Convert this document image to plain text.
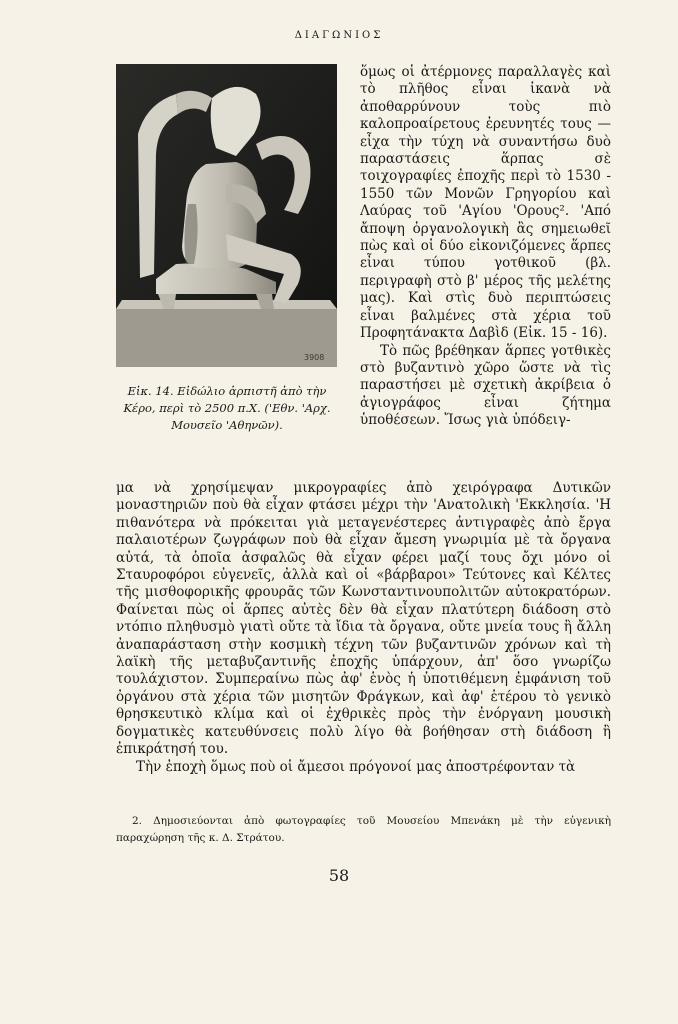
ΔΙΑΓΩΝΙΟΣ
3908
Εἰκ. 14. Εἰδώλιο ἁρπιστῆ ἀπὸ τὴν Κέρο, περὶ τὸ 2500 π.Χ. ('Εθν. 'Αρχ. Μουσεῖο 'Αθηνῶν).

ὅμως οἱ ἀτέρμονες παραλλαγὲς καὶ τὸ πλῆθος εἶναι ἱκανὰ νὰ ἀποθαρρύνουν τοὺς πιὸ καλοπροαίρετους ἐρευνητές τους — εἶχα τὴν τύχη νὰ συναντήσω δυὸ παραστάσεις ἅρπας σὲ τοιχογραφίες ἐποχῆς περὶ τὸ 1530 - 1550 τῶν Μονῶν Γρηγορίου καὶ Λαύρας τοῦ 'Αγίου 'Ορους². 'Από ἄποψη ὀργανολογικὴ ἂς σημειωθεῖ πὼς καὶ οἱ δύο εἰκονιζόμενες ἅρπες εἶναι τύπου γοτθικοῦ (βλ. περιγραφὴ στὸ β' μέρος τῆς μελέτης μας). Καὶ στὶς δυὸ περιπτώσεις εἶναι βαλμένες στὰ χέρια τοῦ Προφητάνακτα Δαβὶδ (Εἰκ. 15 - 16).

Τὸ πῶς βρέθηκαν ἅρπες γοτθικὲς στὸ βυζαντινὸ χῶρο ὥστε νὰ τὶς παραστήσει μὲ σχετικὴ ἀκρίβεια ὁ ἁγιογράφος εἶναι ζήτημα ὑποθέσεων. Ἴσως γιὰ ὑπόδειγ-

μα νὰ χρησίμεψαν μικρογραφίες ἀπὸ χειρόγραφα Δυτικῶν μοναστηριῶν ποὺ θὰ εἶχαν φτάσει μέχρι τὴν 'Ανατολικὴ 'Εκκλησία. 'Η πιθανότερα νὰ πρόκειται γιὰ μεταγενέστερες ἀντιγραφὲς ἀπὸ ἔργα παλαιοτέρων ζωγράφων ποὺ θὰ εἶχαν ἄμεση γνωριμία μὲ τὰ ὄργανα αὐτά, τὰ ὁποῖα ἀσφαλῶς θὰ εἶχαν φέρει μαζί τους ὄχι μόνο οἱ Σταυροφόροι εὐγενεῖς, ἀλλὰ καὶ οἱ «βάρβαροι» Τεύτονες καὶ Κέλτες τῆς μισθοφορικῆς φρουρᾶς τῶν Κωνσταντινουπολιτῶν αὐτοκρατόρων. Φαίνεται πὼς οἱ ἅρπες αὐτὲς δὲν θὰ εἶχαν πλατύτερη διάδοση στὸ ντόπιο πληθυσμὸ γιατὶ οὔτε τὰ ἴδια τὰ ὄργανα, οὔτε μνεία τους ἢ ἄλλη ἀναπαράσταση στὴν κοσμικὴ τέχνη τῶν βυζαντινῶν χρόνων καὶ τὴ λαϊκὴ τῆς μεταβυζαντινῆς ἐποχῆς ὑπάρχουν, ἀπ' ὅσο γνωρίζω τουλάχιστον. Συμπεραίνω πὼς ἀφ' ἑνὸς ἡ ὑποτιθέμενη ἐμφάνιση τοῦ ὀργάνου στὰ χέρια τῶν μισητῶν Φράγκων, καὶ ἀφ' ἑτέρου τὸ γενικὸ θρησκευτικὸ κλίμα καὶ οἱ ἐχθρικὲς πρὸς τὴν ἐνόργανη μουσικὴ δογματικὲς κατευθύνσεις πολὺ λίγο θὰ βοήθησαν στὴ διάδοση ἢ ἐπικράτησή του.

Τὴν ἐποχὴ ὅμως ποὺ οἱ ἄμεσοι πρόγονοί μας ἀποστρέφονταν τὰ

2. Δημοσιεύονται ἀπὸ φωτογραφίες τοῦ Μουσείου Μπενάκη μὲ τὴν εὐγενικὴ παραχώρηση τῆς κ. Δ. Στράτου.

58
